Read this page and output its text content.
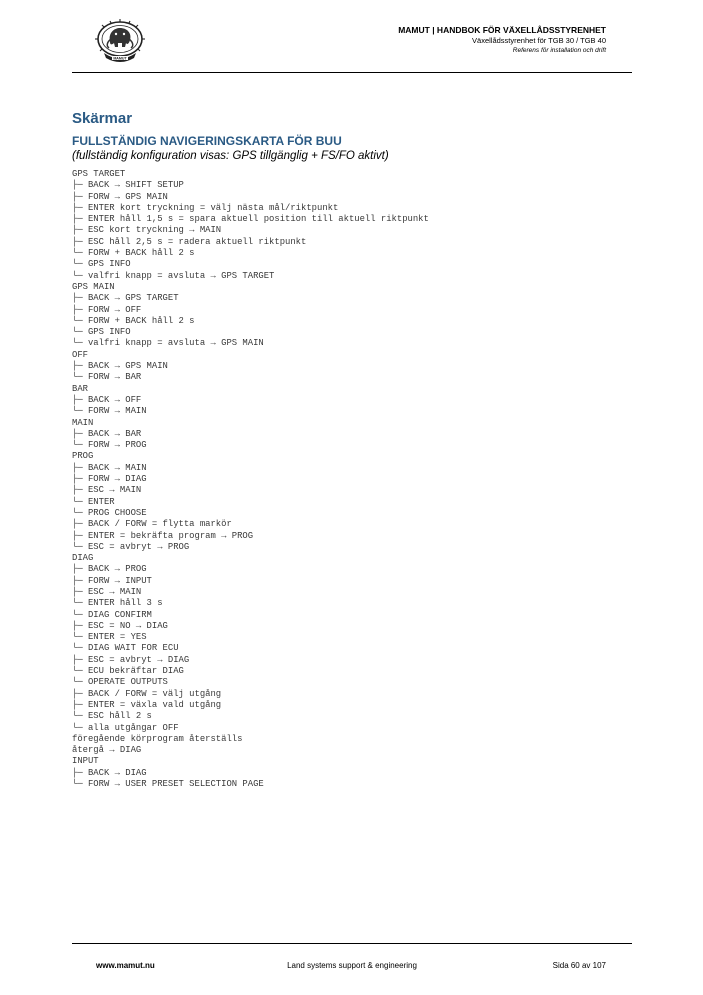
MAMUT
MAMUT | HANDBOK FÖR VÄXELLÅDSSTYRENHET
Växellådsstyrenhet för TGB 30 / TGB 40
Referens för installation och drift
Skärmar
FULLSTÄNDIG NAVIGERINGSKARTA FÖR BUU
(fullständig konfiguration visas: GPS tillgänglig + FS/FO aktivt)
GPS TARGET
├─ BACK → SHIFT SETUP
├─ FORW → GPS MAIN
├─ ENTER kort tryckning = välj nästa mål/riktpunkt
├─ ENTER håll 1,5 s = spara aktuell position till aktuell riktpunkt
├─ ESC kort tryckning → MAIN
├─ ESC håll 2,5 s = radera aktuell riktpunkt
└─ FORW + BACK håll 2 s
└─ GPS INFO
└─ valfri knapp = avsluta → GPS TARGET
GPS MAIN
├─ BACK → GPS TARGET
├─ FORW → OFF
└─ FORW + BACK håll 2 s
└─ GPS INFO
└─ valfri knapp = avsluta → GPS MAIN
OFF
├─ BACK → GPS MAIN
└─ FORW → BAR
BAR
├─ BACK → OFF
└─ FORW → MAIN
MAIN
├─ BACK → BAR
└─ FORW → PROG
PROG
├─ BACK → MAIN
├─ FORW → DIAG
├─ ESC → MAIN
└─ ENTER
└─ PROG CHOOSE
├─ BACK / FORW = flytta markör
├─ ENTER = bekräfta program → PROG
└─ ESC = avbryt → PROG
DIAG
├─ BACK → PROG
├─ FORW → INPUT
├─ ESC → MAIN
└─ ENTER håll 3 s
└─ DIAG CONFIRM
├─ ESC = NO → DIAG
└─ ENTER = YES
└─ DIAG WAIT FOR ECU
├─ ESC = avbryt → DIAG
└─ ECU bekräftar DIAG
└─ OPERATE OUTPUTS
├─ BACK / FORW = välj utgång
├─ ENTER = växla vald utgång
└─ ESC håll 2 s
└─ alla utgångar OFF
föregående körprogram återställs
återgå → DIAG
INPUT
├─ BACK → DIAG
└─ FORW → USER PRESET SELECTION PAGE
www.mamut.nu	Land systems support & engineering	Sida 60 av 107
